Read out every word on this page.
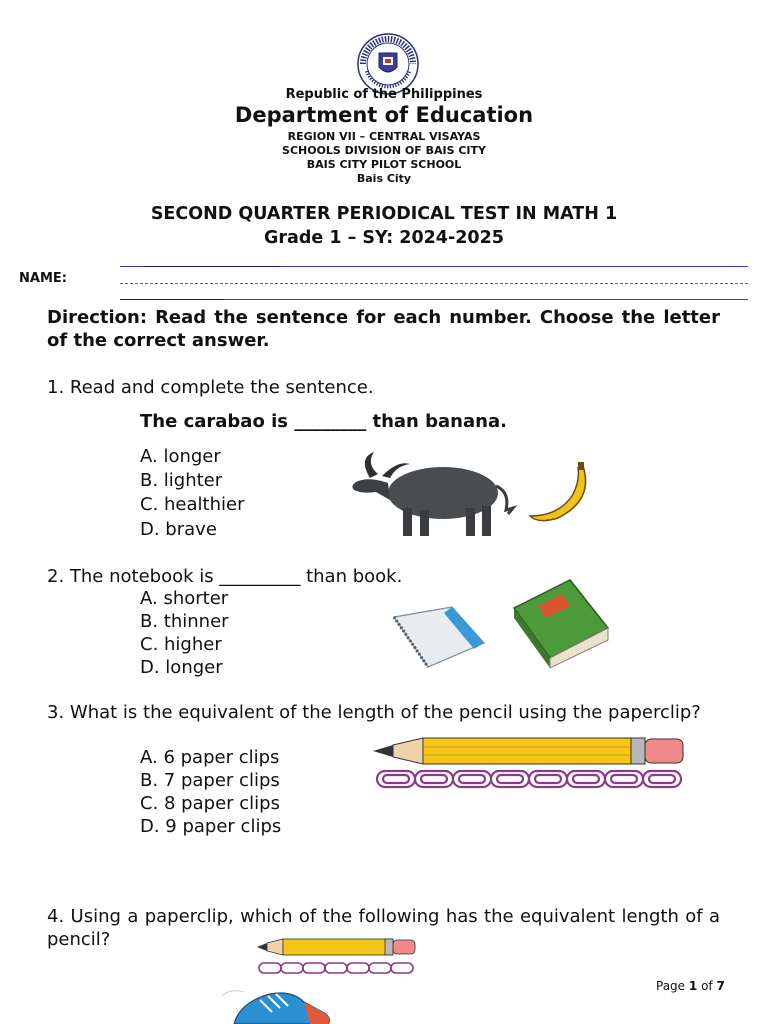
Republic of the Philippines
Department of Education
REGION VII – CENTRAL VISAYAS
SCHOOLS DIVISION OF BAIS CITY
BAIS CITY PILOT SCHOOL
Bais City
SECOND QUARTER PERIODICAL TEST IN MATH 1
Grade 1 – SY: 2024-2025
NAME:
Direction: Read the sentence for each number. Choose the letter of the correct answer.
1. Read and complete the sentence.
The carabao is ________ than banana.
A. longer
B. lighter
C. healthier
D. brave
2. The notebook is _________ than book.
A. shorter
B. thinner
C. higher
D. longer
3. What is the equivalent of the length of the pencil using the paperclip?
A. 6 paper clips
B. 7 paper clips
C. 8 paper clips
D. 9 paper clips
4. Using a paperclip, which of the following has the equivalent length of a pencil?
Page 1 of 7
